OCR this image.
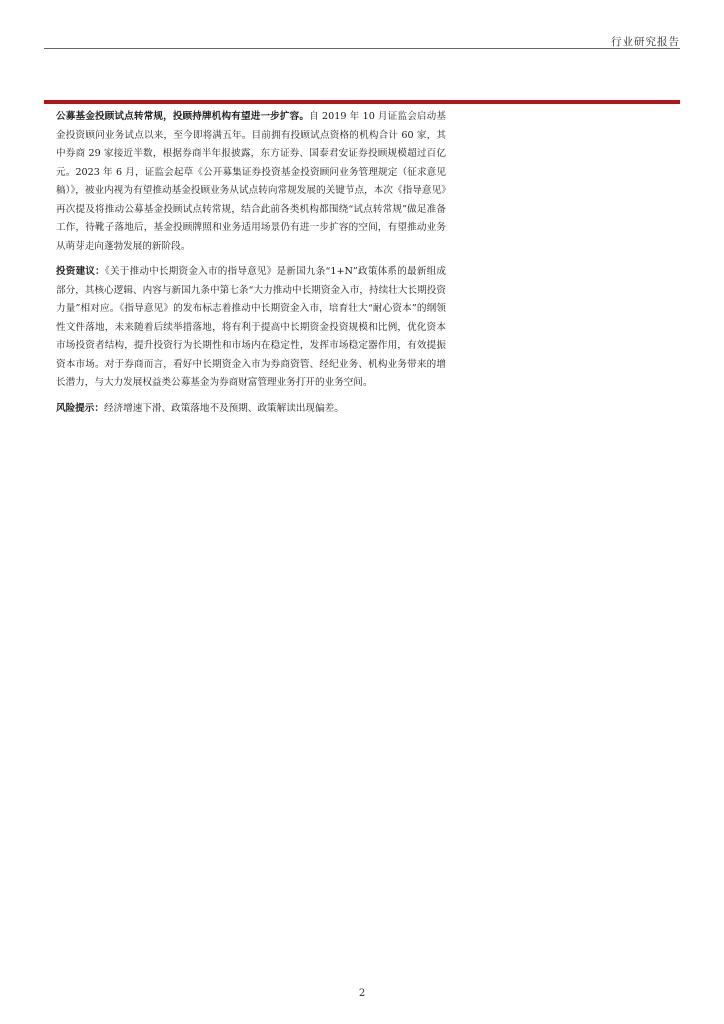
行业研究报告

公募基金投顾试点转常规，投顾持牌机构有望进一步扩容。自 2019 年 10 月证监会启动基金投资顾问业务试点以来，至今即将满五年。目前拥有投顾试点资格的机构合计 60 家，其中券商 29 家接近半数，根据券商半年报披露，东方证券、国泰君安证券投顾规模超过百亿元。2023 年 6 月，证监会起草《公开募集证券投资基金投资顾问业务管理规定（征求意见稿）》，被业内视为有望推动基金投顾业务从试点转向常规发展的关键节点，本次《指导意见》再次提及将推动公募基金投顾试点转常规，结合此前各类机构都围绕“试点转常规”做足准备工作，待靴子落地后，基金投顾牌照和业务适用场景仍有进一步扩容的空间，有望推动业务从萌芽走向蓬勃发展的新阶段。

投资建议：《关于推动中长期资金入市的指导意见》是新国九条“1+N”政策体系的最新组成部分，其核心逻辑、内容与新国九条中第七条“大力推动中长期资金入市，持续壮大长期投资力量”相对应。《指导意见》的发布标志着推动中长期资金入市，培育壮大“耐心资本”的纲领性文件落地，未来随着后续举措落地，将有利于提高中长期资金投资规模和比例，优化资本市场投资者结构，提升投资行为长期性和市场内在稳定性，发挥市场稳定器作用，有效提振资本市场。对于券商而言，看好中长期资金入市为券商资管、经纪业务、机构业务带来的增长潜力，与大力发展权益类公募基金为券商财富管理业务打开的业务空间。

风险提示：经济增速下滑、政策落地不及预期、政策解读出现偏差。

2
